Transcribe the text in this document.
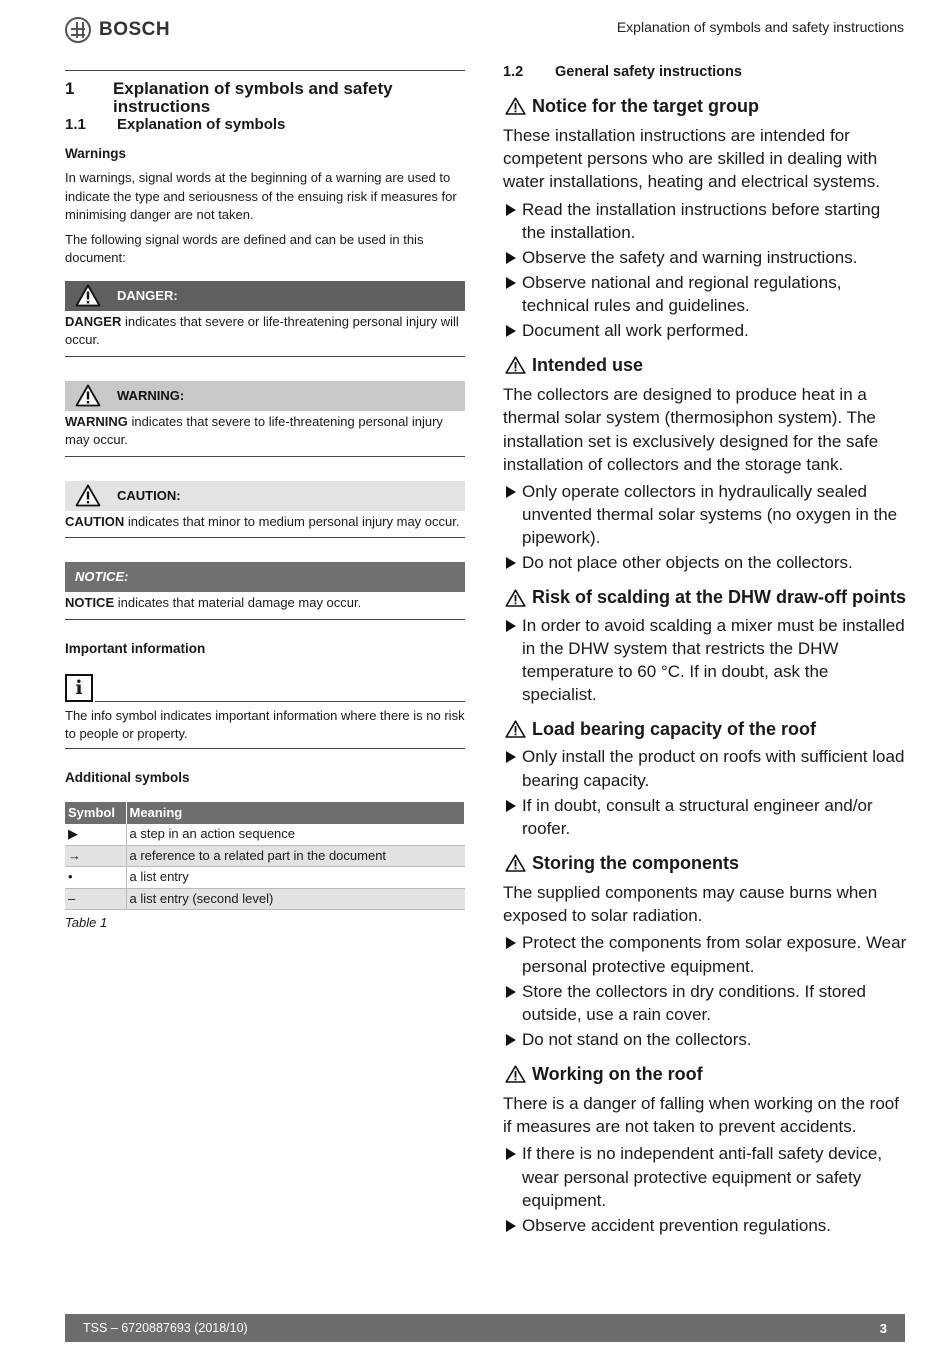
BOSCH	Explanation of symbols and safety instructions
1	Explanation of symbols and safety instructions
1.1	Explanation of symbols
Warnings
In warnings, signal words at the beginning of a warning are used to indicate the type and seriousness of the ensuing risk if measures for minimising danger are not taken.
The following signal words are defined and can be used in this document:
DANGER:
DANGER indicates that severe or life-threatening personal injury will occur.
WARNING:
WARNING indicates that severe to life-threatening personal injury may occur.
CAUTION:
CAUTION indicates that minor to medium personal injury may occur.
NOTICE:
NOTICE indicates that material damage may occur.
Important information
i
The info symbol indicates important information where there is no risk to people or property.
Additional symbols
Symbol	Meaning
▶	a step in an action sequence
→	a reference to a related part in the document
•	a list entry
–	a list entry (second level)
Table 1
1.2	General safety instructions
Notice for the target group
These installation instructions are intended for competent persons who are skilled in dealing with water installations, heating and electrical systems.
Read the installation instructions before starting the installation.
Observe the safety and warning instructions.
Observe national and regional regulations, technical rules and guidelines.
Document all work performed.
Intended use
The collectors are designed to produce heat in a thermal solar system (thermosiphon system). The installation set is exclusively designed for the safe installation of collectors and the storage tank.
Only operate collectors in hydraulically sealed unvented thermal solar systems (no oxygen in the pipework).
Do not place other objects on the collectors.
Risk of scalding at the DHW draw-off points
In order to avoid scalding a mixer must be installed in the DHW system that restricts the DHW temperature to 60 °C. If in doubt, ask the specialist.
Load bearing capacity of the roof
Only install the product on roofs with sufficient load bearing capacity.
If in doubt, consult a structural engineer and/or roofer.
Storing the components
The supplied components may cause burns when exposed to solar radiation.
Protect the components from solar exposure. Wear personal protective equipment.
Store the collectors in dry conditions. If stored outside, use a rain cover.
Do not stand on the collectors.
Working on the roof
There is a danger of falling when working on the roof if measures are not taken to prevent accidents.
If there is no independent anti-fall safety device, wear personal protective equipment or safety equipment.
Observe accident prevention regulations.
TSS – 6720887693 (2018/10)	3
